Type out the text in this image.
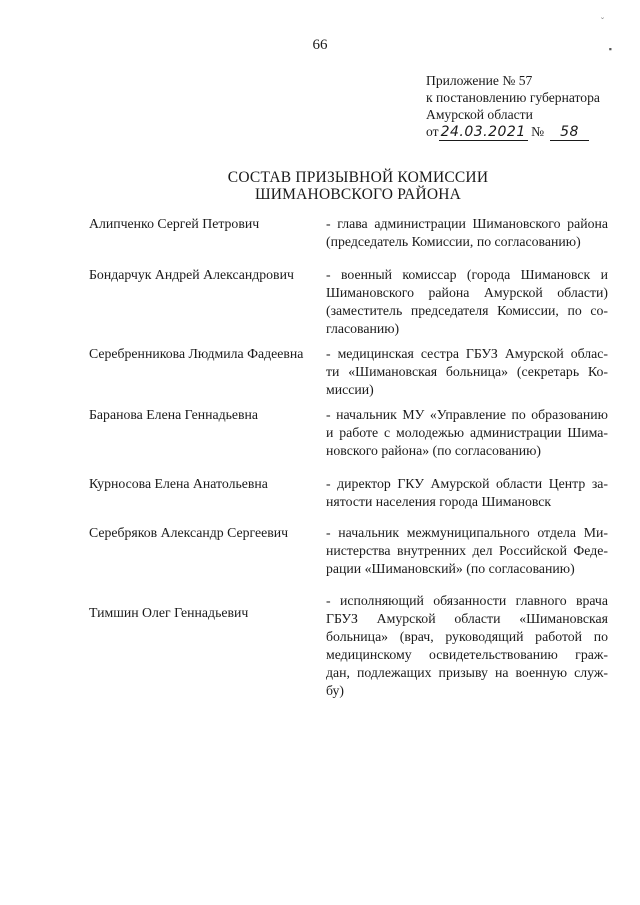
˘
▪
66
Приложение № 57
к постановлению губернатора
Амурской области
от 24.03.2021 № 58
СОСТАВ ПРИЗЫВНОЙ КОМИССИИ
ШИМАНОВСКОГО РАЙОНА
Алипченко Сергей Петрович	- глава администрации Шимановского района
(председатель Комиссии, по согласованию)
Бондарчук Андрей Александрович - военный комиссар (города Шимановск и
Шимановского района Амурской области)
(заместитель председателя Комиссии, по со-
гласованию)
Серебренникова Людмила Фадеевна - медицинская сестра ГБУЗ Амурской облас-
ти «Шимановская больница» (секретарь Ко-
миссии)
Баранова Елена Геннадьевна	- начальник МУ «Управление по образованию
и работе с молодежью администрации Шима-
новского района» (по согласованию)
Курносова Елена Анатольевна	- директор ГКУ Амурской области Центр за-
нятости населения города Шимановск
Серебряков Александр Сергеевич	- начальник межмуниципального отдела Ми-
нистерства внутренних дел Российской Феде-
рации «Шимановский» (по согласованию)
Тимшин Олег Геннадьевич
- исполняющий обязанности главного врача
ГБУЗ Амурской области «Шимановская
больница» (врач, руководящий работой по
медицинскому освидетельствованию граж-
дан, подлежащих призыву на военную служ-
бу)
